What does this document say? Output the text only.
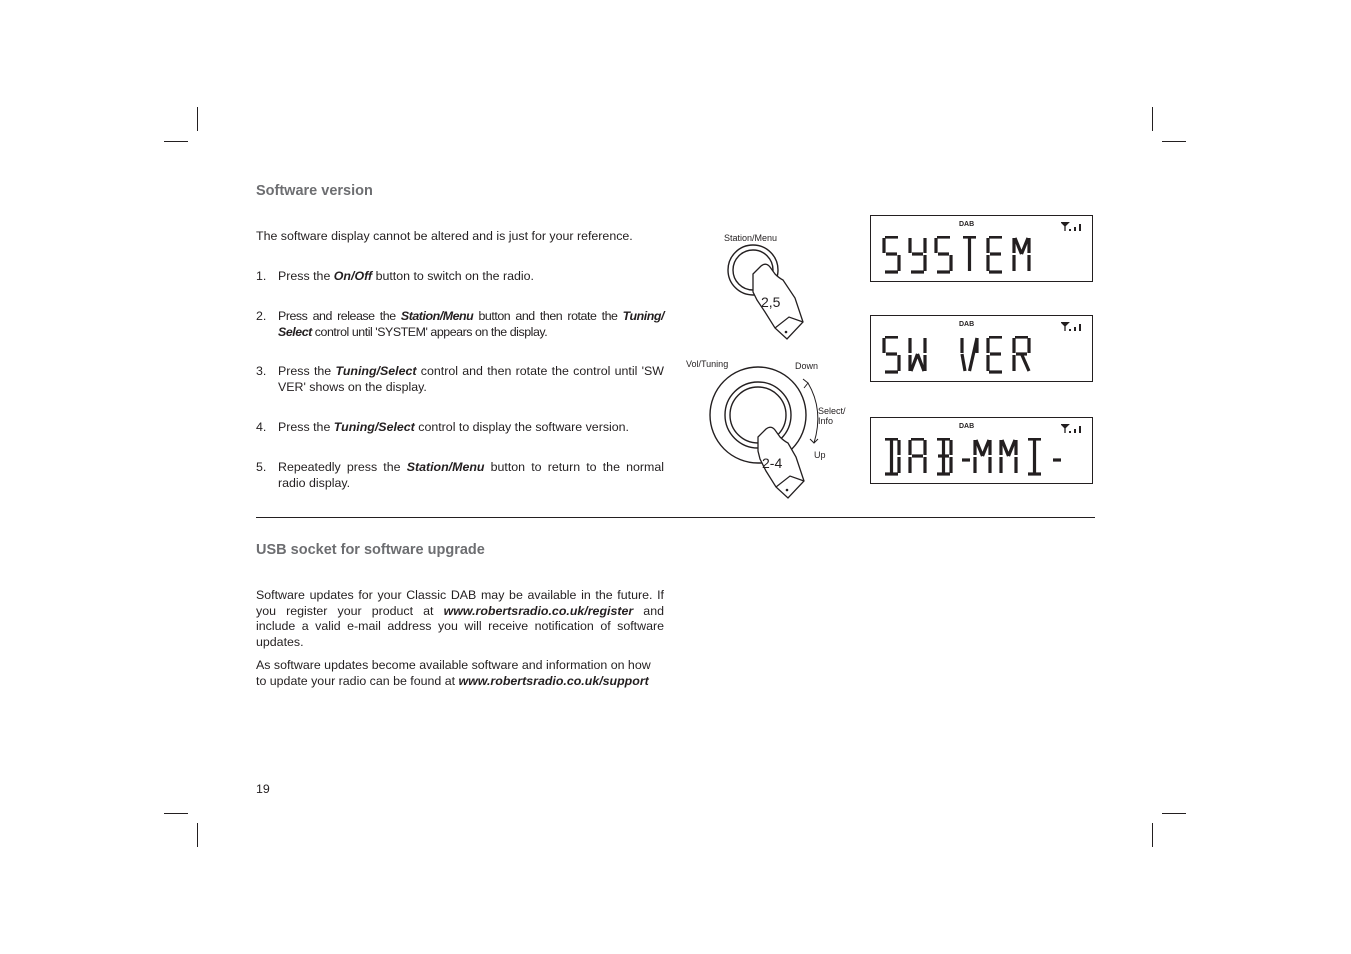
Software version
The software display cannot be altered and is just for your reference.
1. Press the On/Off button to switch on the radio.
2. Press and release the Station/Menu button and then rotate the Tuning/ Select control until 'SYSTEM' appears on the display.
3. Press the Tuning/Select control and then rotate the control until 'SW VER' shows on the display.
4. Press the Tuning/Select control to display the software version.
5. Repeatedly press the Station/Menu button to return to the normal radio display.
Station/Menu
2,5
Vol/Tuning	Down
Select/
Info
Up
2-4
DAB
DAB
DAB
USB socket for software upgrade
Software updates for your Classic DAB may be available in the future. If you register your product at www.robertsradio.co.uk/register and include a valid e-mail address you will receive notification of software updates.
As software updates become available software and information on how to update your radio can be found at www.robertsradio.co.uk/support
19
